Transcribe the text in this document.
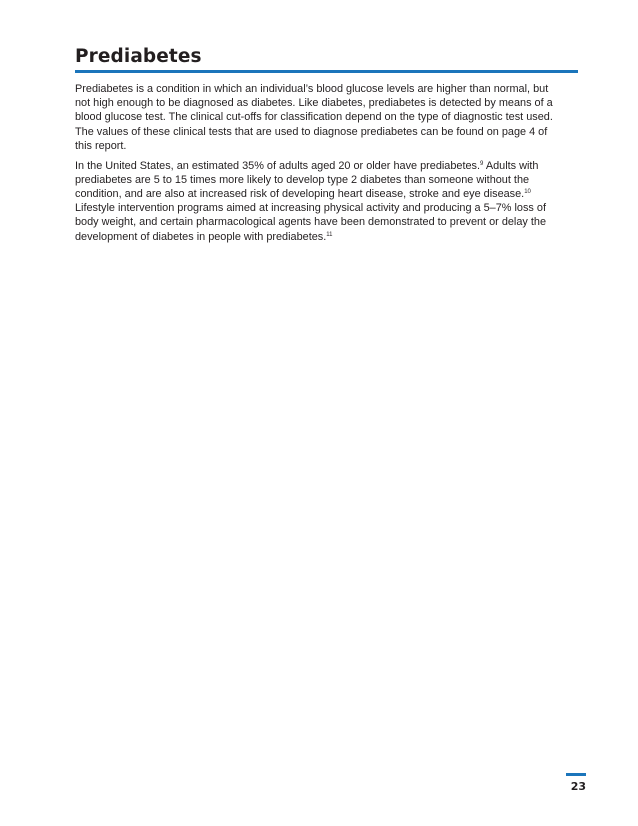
Prediabetes

Prediabetes is a condition in which an individual’s blood glucose levels are higher than normal, but not high enough to be diagnosed as diabetes. Like diabetes, prediabetes is detected by means of a blood glucose test. The clinical cut-offs for classification depend on the type of diagnostic test used. The values of these clinical tests that are used to diagnose prediabetes can be found on page 4 of this report.

In the United States, an estimated 35% of adults aged 20 or older have prediabetes.$^9$ Adults with prediabetes are 5 to 15 times more likely to develop type 2 diabetes than someone without the condition, and are also at increased risk of developing heart disease, stroke and eye disease.$^{10}$ Lifestyle intervention programs aimed at increasing physical activity and producing a 5–7% loss of body weight, and certain pharmacological agents have been demonstrated to prevent or delay the development of diabetes in people with prediabetes.$^{11}$

23
